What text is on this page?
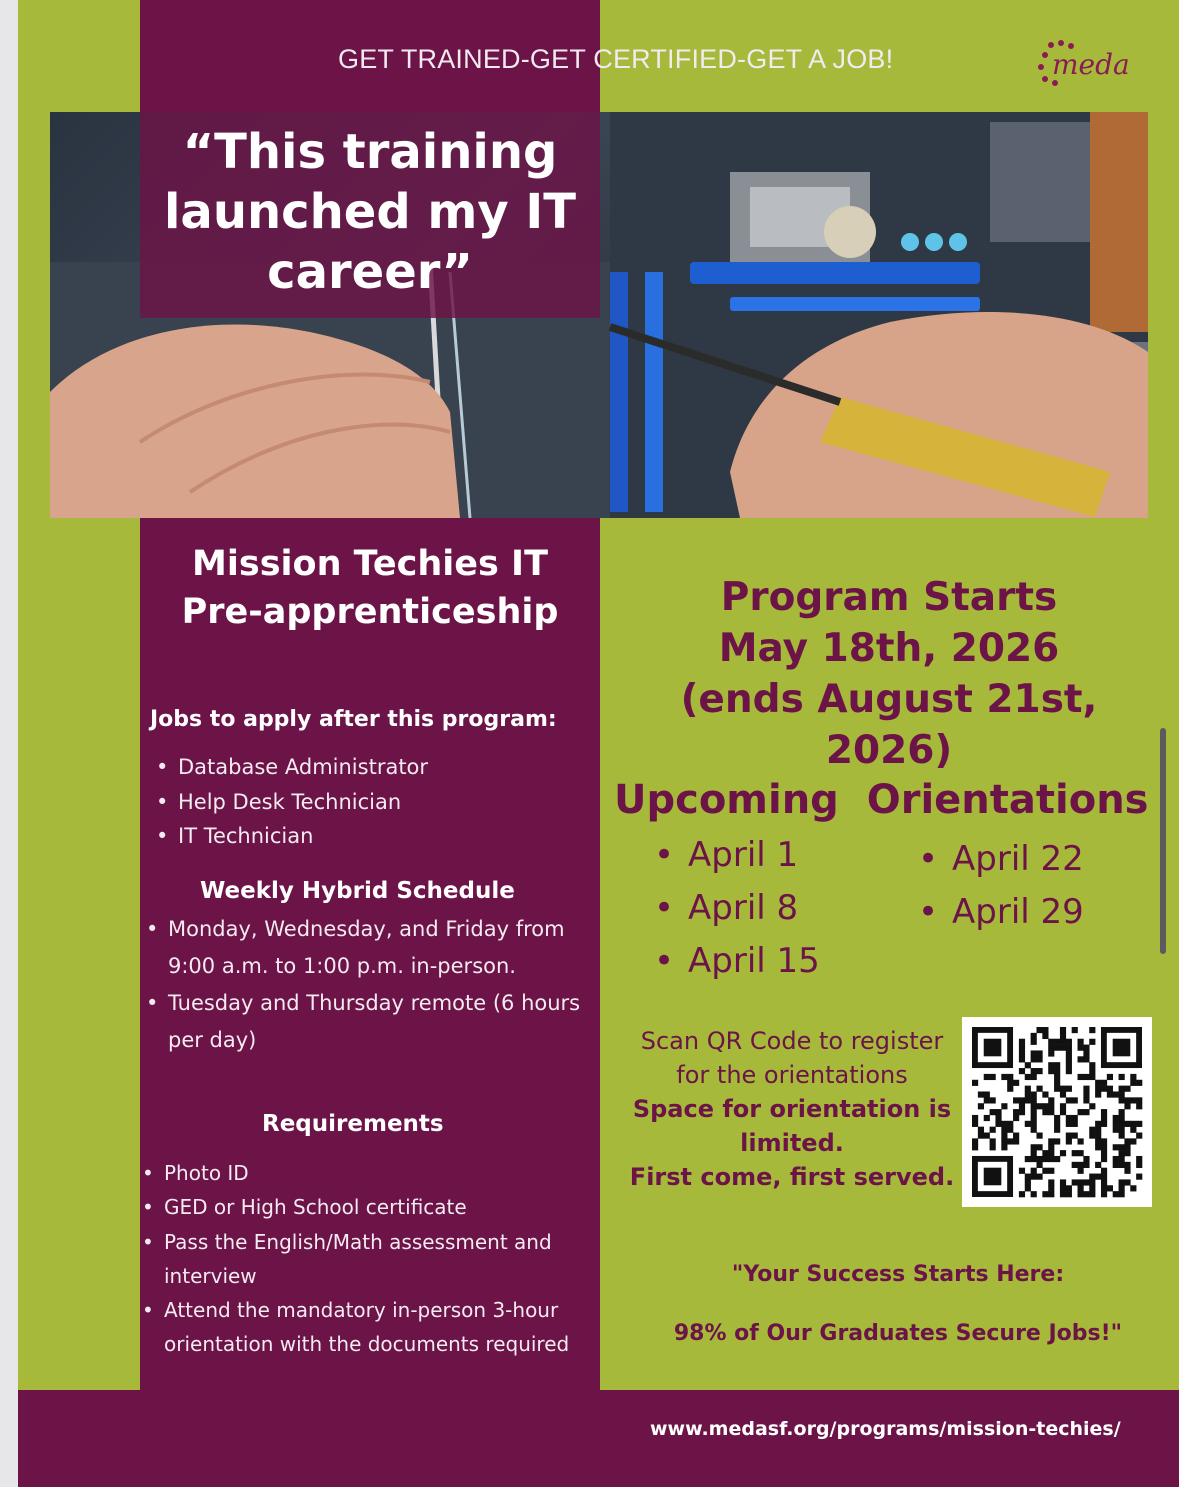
GET TRAINED-GET CERTIFIED-GET A JOB!	meda
“This training launched my IT career”
Mission Techies IT Pre-apprenticeship
Jobs to apply after this program:
• Database Administrator
• Help Desk Technician
• IT Technician
Weekly Hybrid Schedule
• Monday, Wednesday, and Friday from 9:00 a.m. to 1:00 p.m. in-person.
• Tuesday and Thursday remote (6 hours per day)
Requirements
• Photo ID
• GED or High School certificate
• Pass the English/Math assessment and interview
• Attend the mandatory in-person 3-hour orientation with the documents required
Program Starts
May 18th, 2026
(ends August 21st,
2026)
Upcoming Orientations
• April 1
• April 8
• April 15
• April 22
• April 29
Scan QR Code to register
for the orientations
Space for orientation is
limited.
First come, first served.
"Your Success Starts Here:
98% of Our Graduates Secure Jobs!"
www.medasf.org/programs/mission-techies/
